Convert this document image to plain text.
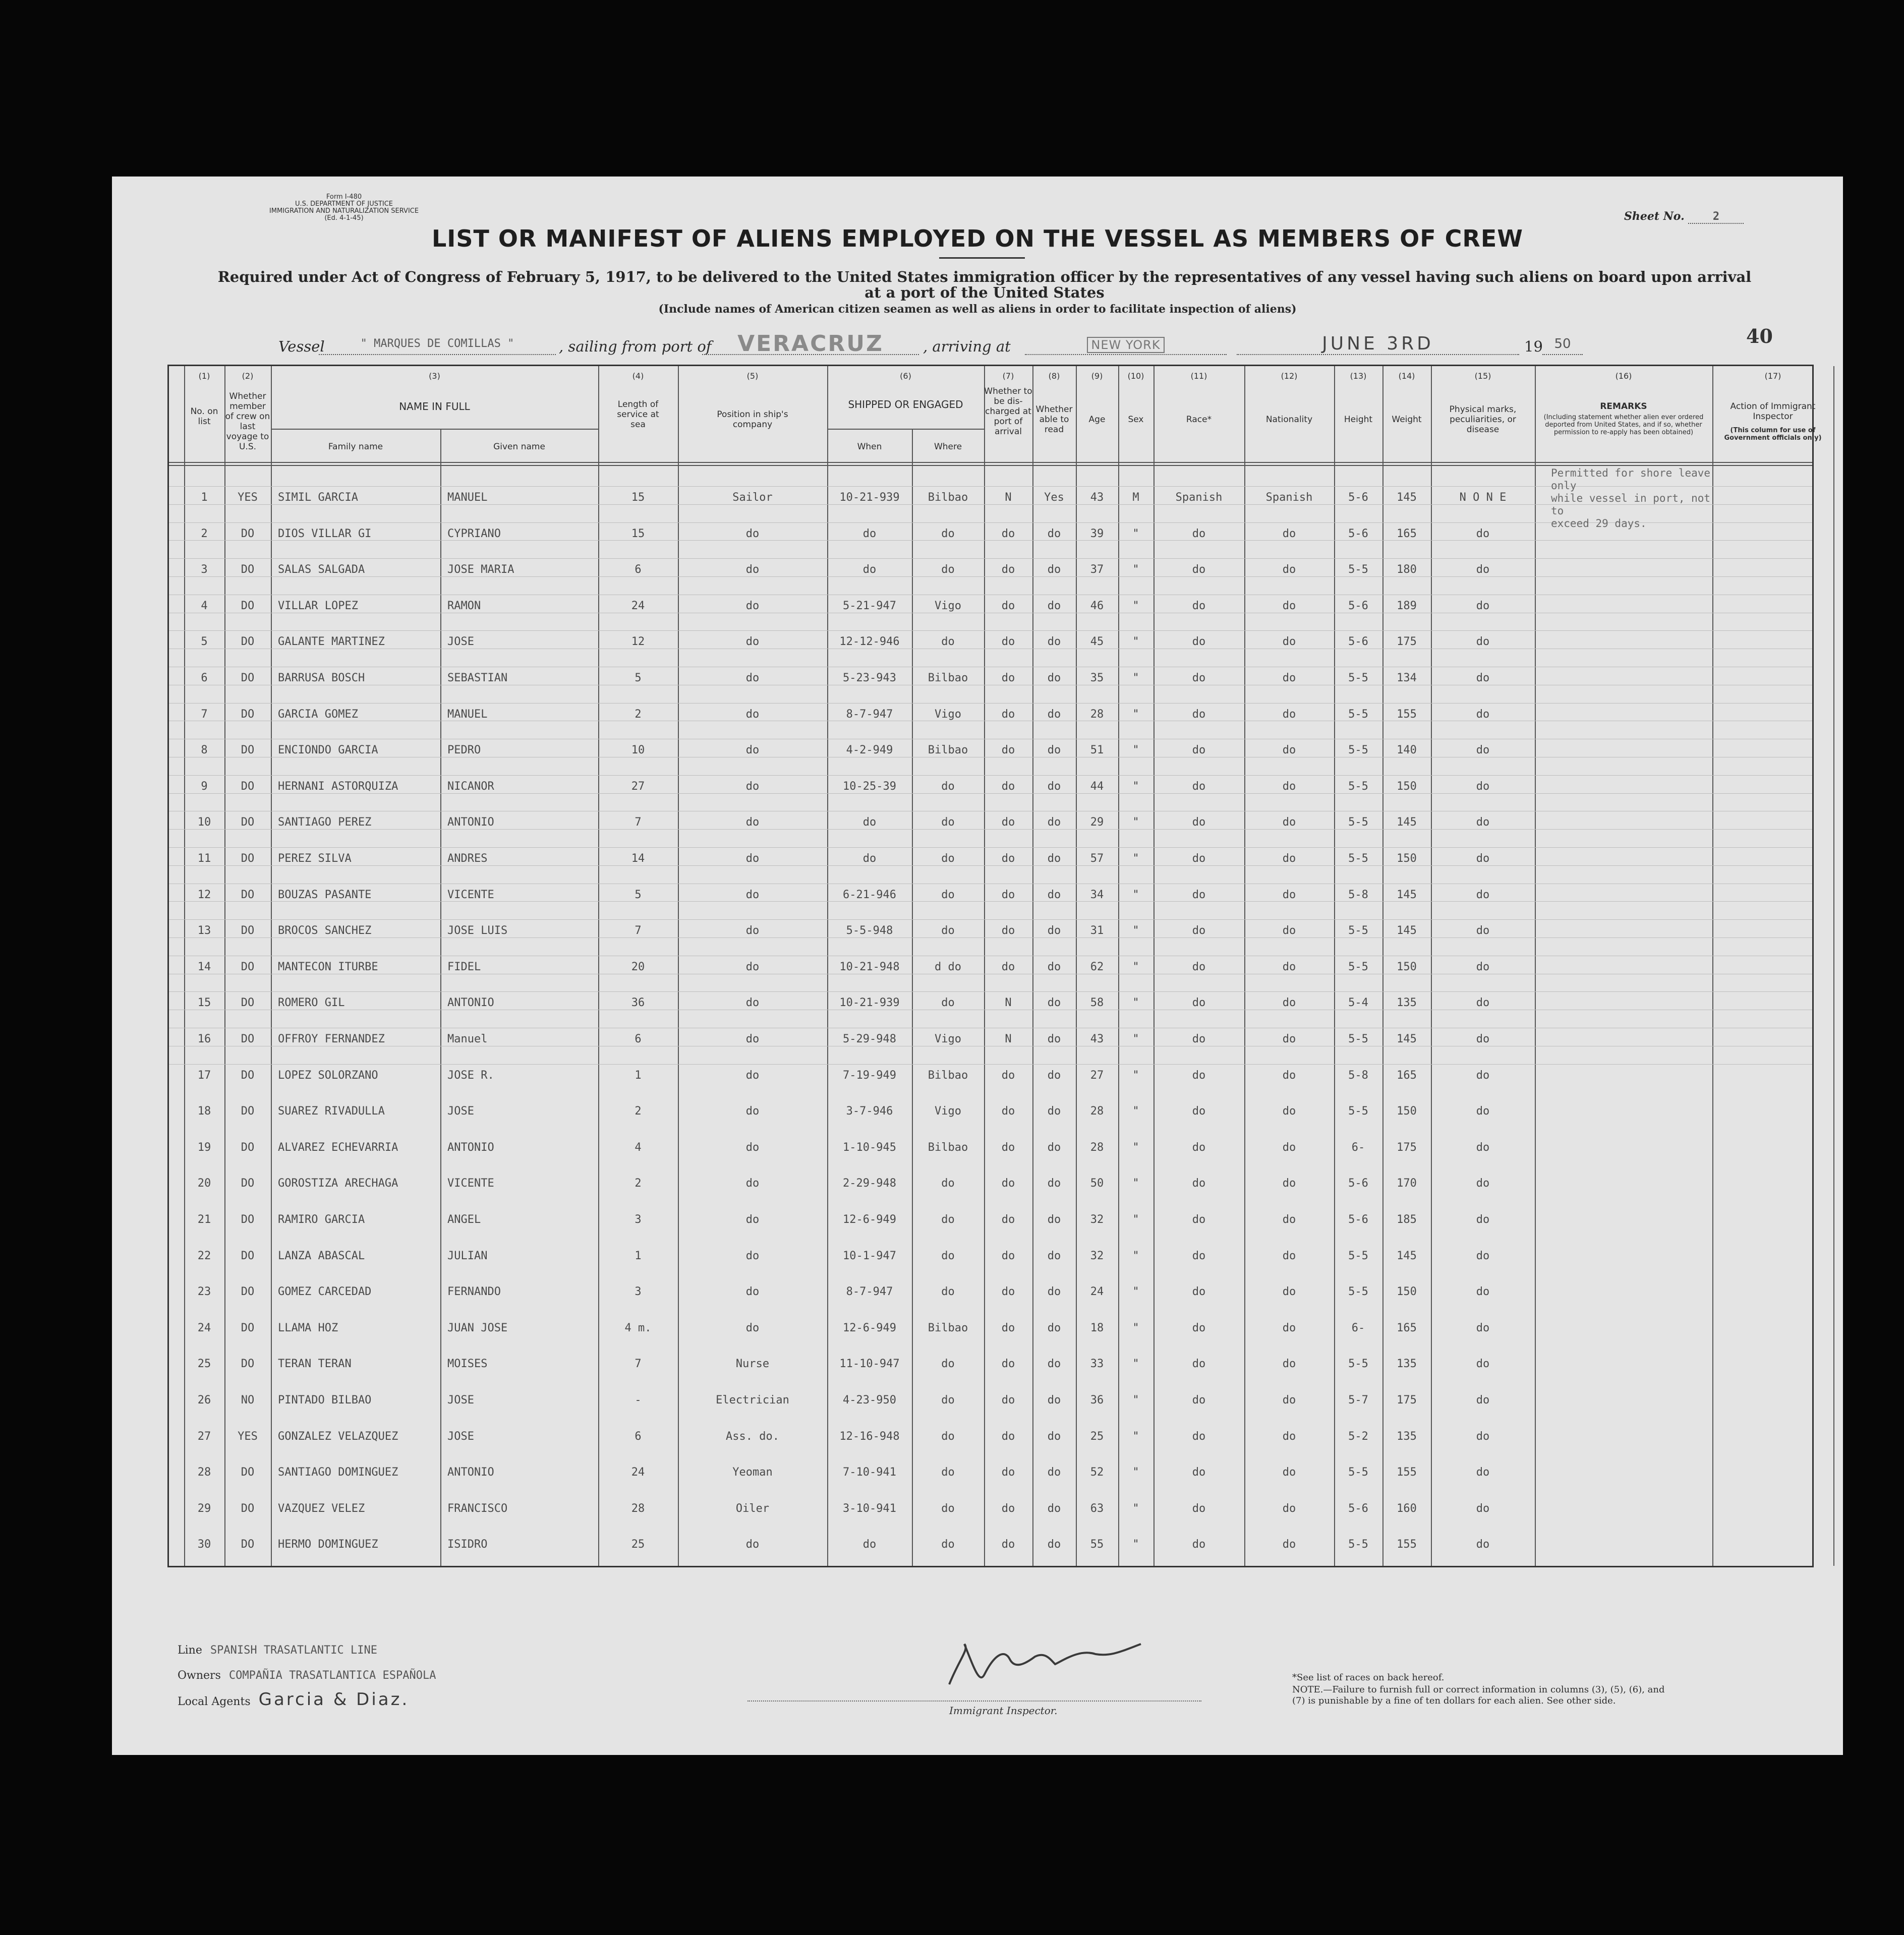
Form I-480
U.S. DEPARTMENT OF JUSTICE
IMMIGRATION AND NATURALIZATION SERVICE
(Ed. 4-1-45)	Sheet No.	2
LIST OR MANIFEST OF ALIENS EMPLOYED ON THE VESSEL AS MEMBERS OF CREW
Required under Act of Congress of February 5, 1917, to be delivered to the United States immigration officer by the representatives of any vessel having such aliens on board upon arrival at a port of the United States
(Include names of American citizen seamen as well as aliens in order to facilitate inspection of aliens)
40
Vessel	" MARQUES DE COMILLAS "	, sailing from port of	VERACRUZ	, arriving at	NEW YORK	JUNE 3RD	19 50
(1)
No. on list
(2)
Whether member of crew on last voyage to U.S.
(3)
NAME IN FULL
Family name	Given name
(4)
Length of service at sea
(5)
Position in ship's company
(6)
SHIPPED OR ENGAGED
When	Where
(7)
Whether to be dis-charged at port of arrival
(8)
Whether able to read
(9)
Age
(10)
Sex
(11)
Race*
(12)
Nationality
(13)
Height
(14)
Weight
(15)
Physical marks, peculiarities, or disease
(16)
REMARKS
(Including statement whether alien ever ordered deported from United States, and if so, whether permission to re-apply has been obtained)
(17)
Action of Immigrant Inspector
(This column for use of Government officials only)
1	YES	SIMIL GARCIA	MANUEL	15	Sailor	10-21-939	Bilbao	N	Yes	43	M	Spanish	Spanish	5-6	145	N O N E
2	DO	DIOS VILLAR GI	CYPRIANO	15	do	do	do	do	do	39	"	do	do	5-6	165	do
3	DO	SALAS SALGADA	JOSE MARIA	6	do	do	do	do	do	37	"	do	do	5-5	180	do
4	DO	VILLAR LOPEZ	RAMON	24	do	5-21-947	Vigo	do	do	46	"	do	do	5-6	189	do
5	DO	GALANTE MARTINEZ	JOSE	12	do	12-12-946	do	do	do	45	"	do	do	5-6	175	do
6	DO	BARRUSA BOSCH	SEBASTIAN	5	do	5-23-943	Bilbao	do	do	35	"	do	do	5-5	134	do
7	DO	GARCIA GOMEZ	MANUEL	2	do	8-7-947	Vigo	do	do	28	"	do	do	5-5	155	do
8	DO	ENCIONDO GARCIA	PEDRO	10	do	4-2-949	Bilbao	do	do	51	"	do	do	5-5	140	do
9	DO	HERNANI ASTORQUIZA	NICANOR	27	do	10-25-39	do	do	do	44	"	do	do	5-5	150	do
10	DO	SANTIAGO PEREZ	ANTONIO	7	do	do	do	do	do	29	"	do	do	5-5	145	do
11	DO	PEREZ SILVA	ANDRES	14	do	do	do	do	do	57	"	do	do	5-5	150	do
12	DO	BOUZAS PASANTE	VICENTE	5	do	6-21-946	do	do	do	34	"	do	do	5-8	145	do
13	DO	BROCOS SANCHEZ	JOSE LUIS	7	do	5-5-948	do	do	do	31	"	do	do	5-5	145	do
14	DO	MANTECON ITURBE	FIDEL	20	do	10-21-948	d do	do	do	62	"	do	do	5-5	150	do
15	DO	ROMERO GIL	ANTONIO	36	do	10-21-939	do	N	do	58	"	do	do	5-4	135	do
16	DO	OFFROY FERNANDEZ	Manuel	6	do	5-29-948	Vigo	N	do	43	"	do	do	5-5	145	do
17	DO	LOPEZ SOLORZANO	JOSE R.	1	do	7-19-949	Bilbao	do	do	27	"	do	do	5-8	165	do
18	DO	SUAREZ RIVADULLA	JOSE	2	do	3-7-946	Vigo	do	do	28	"	do	do	5-5	150	do
19	DO	ALVAREZ ECHEVARRIA	ANTONIO	4	do	1-10-945	Bilbao	do	do	28	"	do	do	6-	175	do
20	DO	GOROSTIZA ARECHAGA	VICENTE	2	do	2-29-948	do	do	do	50	"	do	do	5-6	170	do
21	DO	RAMIRO GARCIA	ANGEL	3	do	12-6-949	do	do	do	32	"	do	do	5-6	185	do
22	DO	LANZA ABASCAL	JULIAN	1	do	10-1-947	do	do	do	32	"	do	do	5-5	145	do
23	DO	GOMEZ CARCEDAD	FERNANDO	3	do	8-7-947	do	do	do	24	"	do	do	5-5	150	do
24	DO	LLAMA HOZ	JUAN JOSE	4 m.	do	12-6-949	Bilbao	do	do	18	"	do	do	6-	165	do
25	DO	TERAN TERAN	MOISES	7	Nurse	11-10-947	do	do	do	33	"	do	do	5-5	135	do
26	NO	PINTADO BILBAO	JOSE	-	Electrician	4-23-950	do	do	do	36	"	do	do	5-7	175	do
27	YES	GONZALEZ VELAZQUEZ	JOSE	6	Ass. do.	12-16-948	do	do	do	25	"	do	do	5-2	135	do
28	DO	SANTIAGO DOMINGUEZ	ANTONIO	24	Yeoman	7-10-941	do	do	do	52	"	do	do	5-5	155	do
29	DO	VAZQUEZ VELEZ	FRANCISCO	28	Oiler	3-10-941	do	do	do	63	"	do	do	5-6	160	do
30	DO	HERMO DOMINGUEZ	ISIDRO	25	do	do	do	do	do	55	"	do	do	5-5	155	do
Permitted for shore leave only
while vessel in port, not to
exceed 29 days.
Line SPANISH TRASATLANTIC LINE
Owners COMPAÑIA TRASATLANTICA ESPAÑOLA
Local Agents Garcia & Diaz.
Immigrant Inspector.
*See list of races on back hereof.
NOTE.—Failure to furnish full or correct information in columns (3), (5), (6), and (7) is punishable by a fine of ten dollars for each alien. See other side.
